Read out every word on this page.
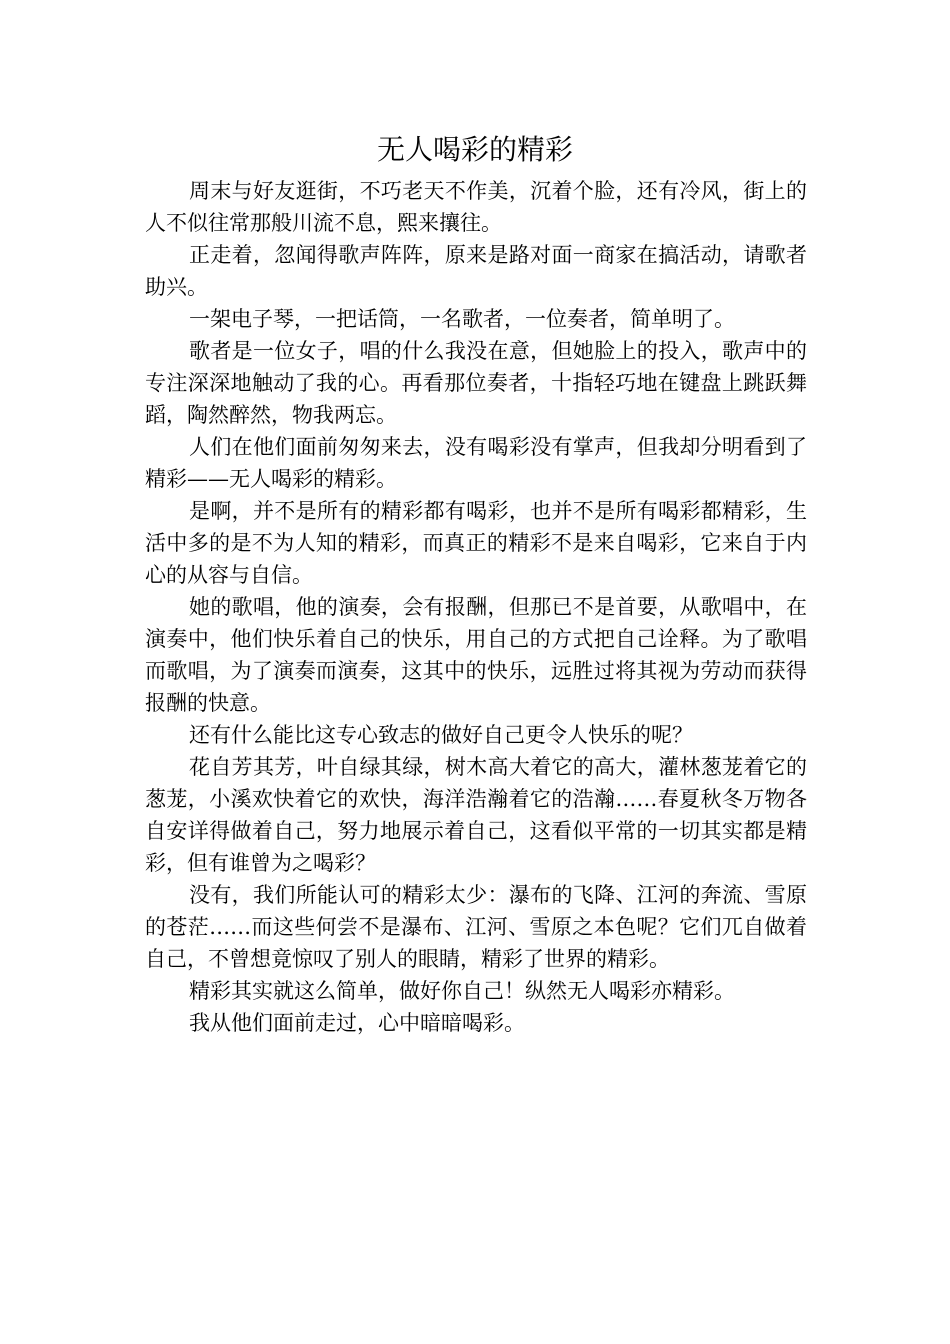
无人喝彩的精彩

周末与好友逛街，不巧老天不作美，沉着个脸，还有冷风，街上的人不似往常那般川流不息，熙来攘往。

正走着，忽闻得歌声阵阵，原来是路对面一商家在搞活动，请歌者助兴。

一架电子琴，一把话筒，一名歌者，一位奏者，简单明了。

歌者是一位女子，唱的什么我没在意，但她脸上的投入，歌声中的专注深深地触动了我的心。再看那位奏者，十指轻巧地在键盘上跳跃舞蹈，陶然醉然，物我两忘。

人们在他们面前匆匆来去，没有喝彩没有掌声，但我却分明看到了精彩——无人喝彩的精彩。

是啊，并不是所有的精彩都有喝彩，也并不是所有喝彩都精彩，生活中多的是不为人知的精彩，而真正的精彩不是来自喝彩，它来自于内心的从容与自信。

她的歌唱，他的演奏，会有报酬，但那已不是首要，从歌唱中，在演奏中，他们快乐着自己的快乐，用自己的方式把自己诠释。为了歌唱而歌唱，为了演奏而演奏，这其中的快乐，远胜过将其视为劳动而获得报酬的快意。

还有什么能比这专心致志的做好自己更令人快乐的呢？

花自芳其芳，叶自绿其绿，树木高大着它的高大，灌林葱茏着它的葱茏，小溪欢快着它的欢快，海洋浩瀚着它的浩瀚……春夏秋冬万物各自安详得做着自己，努力地展示着自己，这看似平常的一切其实都是精彩，但有谁曾为之喝彩？

没有，我们所能认可的精彩太少：瀑布的飞降、江河的奔流、雪原的苍茫……而这些何尝不是瀑布、江河、雪原之本色呢？它们兀自做着自己，不曾想竟惊叹了别人的眼睛，精彩了世界的精彩。

精彩其实就这么简单，做好你自己！纵然无人喝彩亦精彩。

我从他们面前走过，心中暗暗喝彩。
